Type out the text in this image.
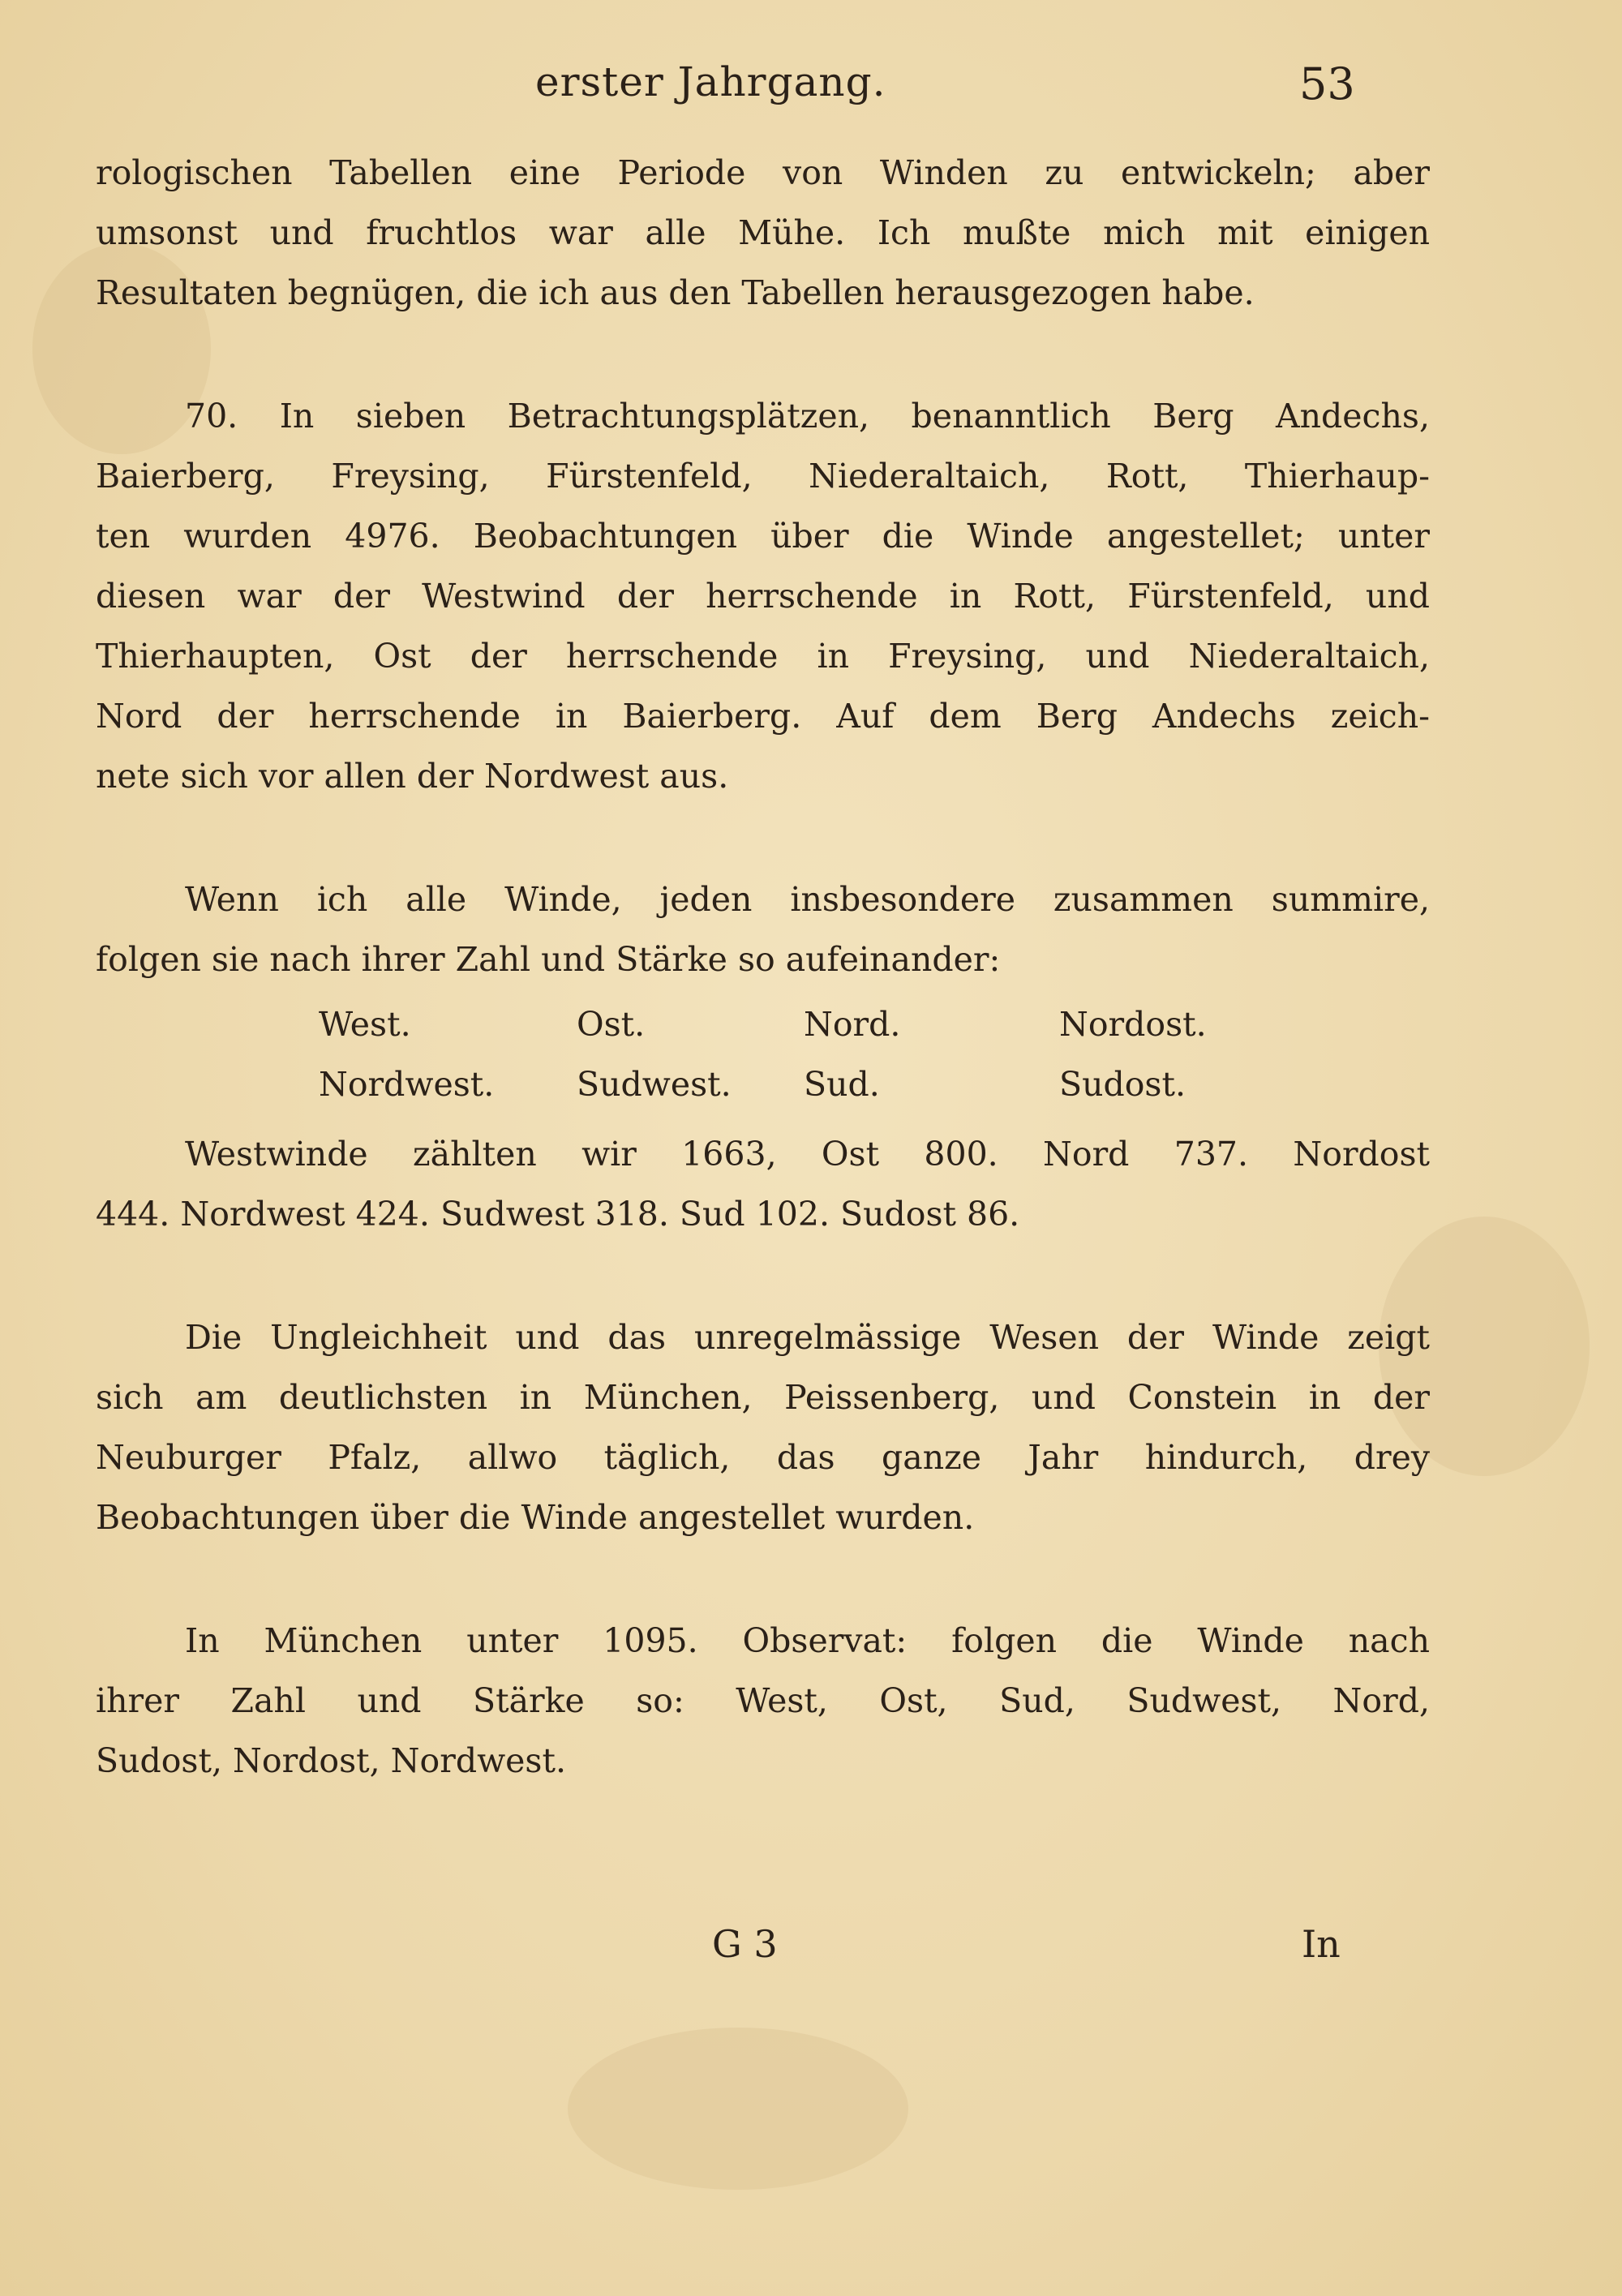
erster Jahrgang.	53
rologischen Tabellen eine Periode von Winden zu entwickeln; aber
umsonst und fruchtlos war alle Mühe. Ich mußte mich mit einigen
Resultaten begnügen, die ich aus den Tabellen herausgezogen habe.
70. In sieben Betrachtungsplätzen, benanntlich Berg Andechs,
Baierberg, Freysing, Fürstenfeld, Niederaltaich, Rott, Thierhaup-
ten wurden 4976. Beobachtungen über die Winde angestellet; unter
diesen war der Westwind der herrschende in Rott, Fürstenfeld, und
Thierhaupten, Ost der herrschende in Freysing, und Niederaltaich,
Nord der herrschende in Baierberg. Auf dem Berg Andechs zeich-
nete sich vor allen der Nordwest aus.
Wenn ich alle Winde, jeden insbesondere zusammen summire,
folgen sie nach ihrer Zahl und Stärke so aufeinander:
West.	Ost.	Nord.	Nordost.
Nordwest.	Sudwest.	Sud.	Sudost.
Westwinde zählten wir 1663, Ost 800. Nord 737. Nordost
444. Nordwest 424. Sudwest 318. Sud 102. Sudost 86.
Die Ungleichheit und das unregelmässige Wesen der Winde zeigt
sich am deutlichsten in München, Peissenberg, und Constein in der
Neuburger Pfalz, allwo täglich, das ganze Jahr hindurch, drey
Beobachtungen über die Winde angestellet wurden.
In München unter 1095. Observat: folgen die Winde nach
ihrer Zahl und Stärke so: West, Ost, Sud, Sudwest, Nord,
Sudost, Nordost, Nordwest.
G 3	In
